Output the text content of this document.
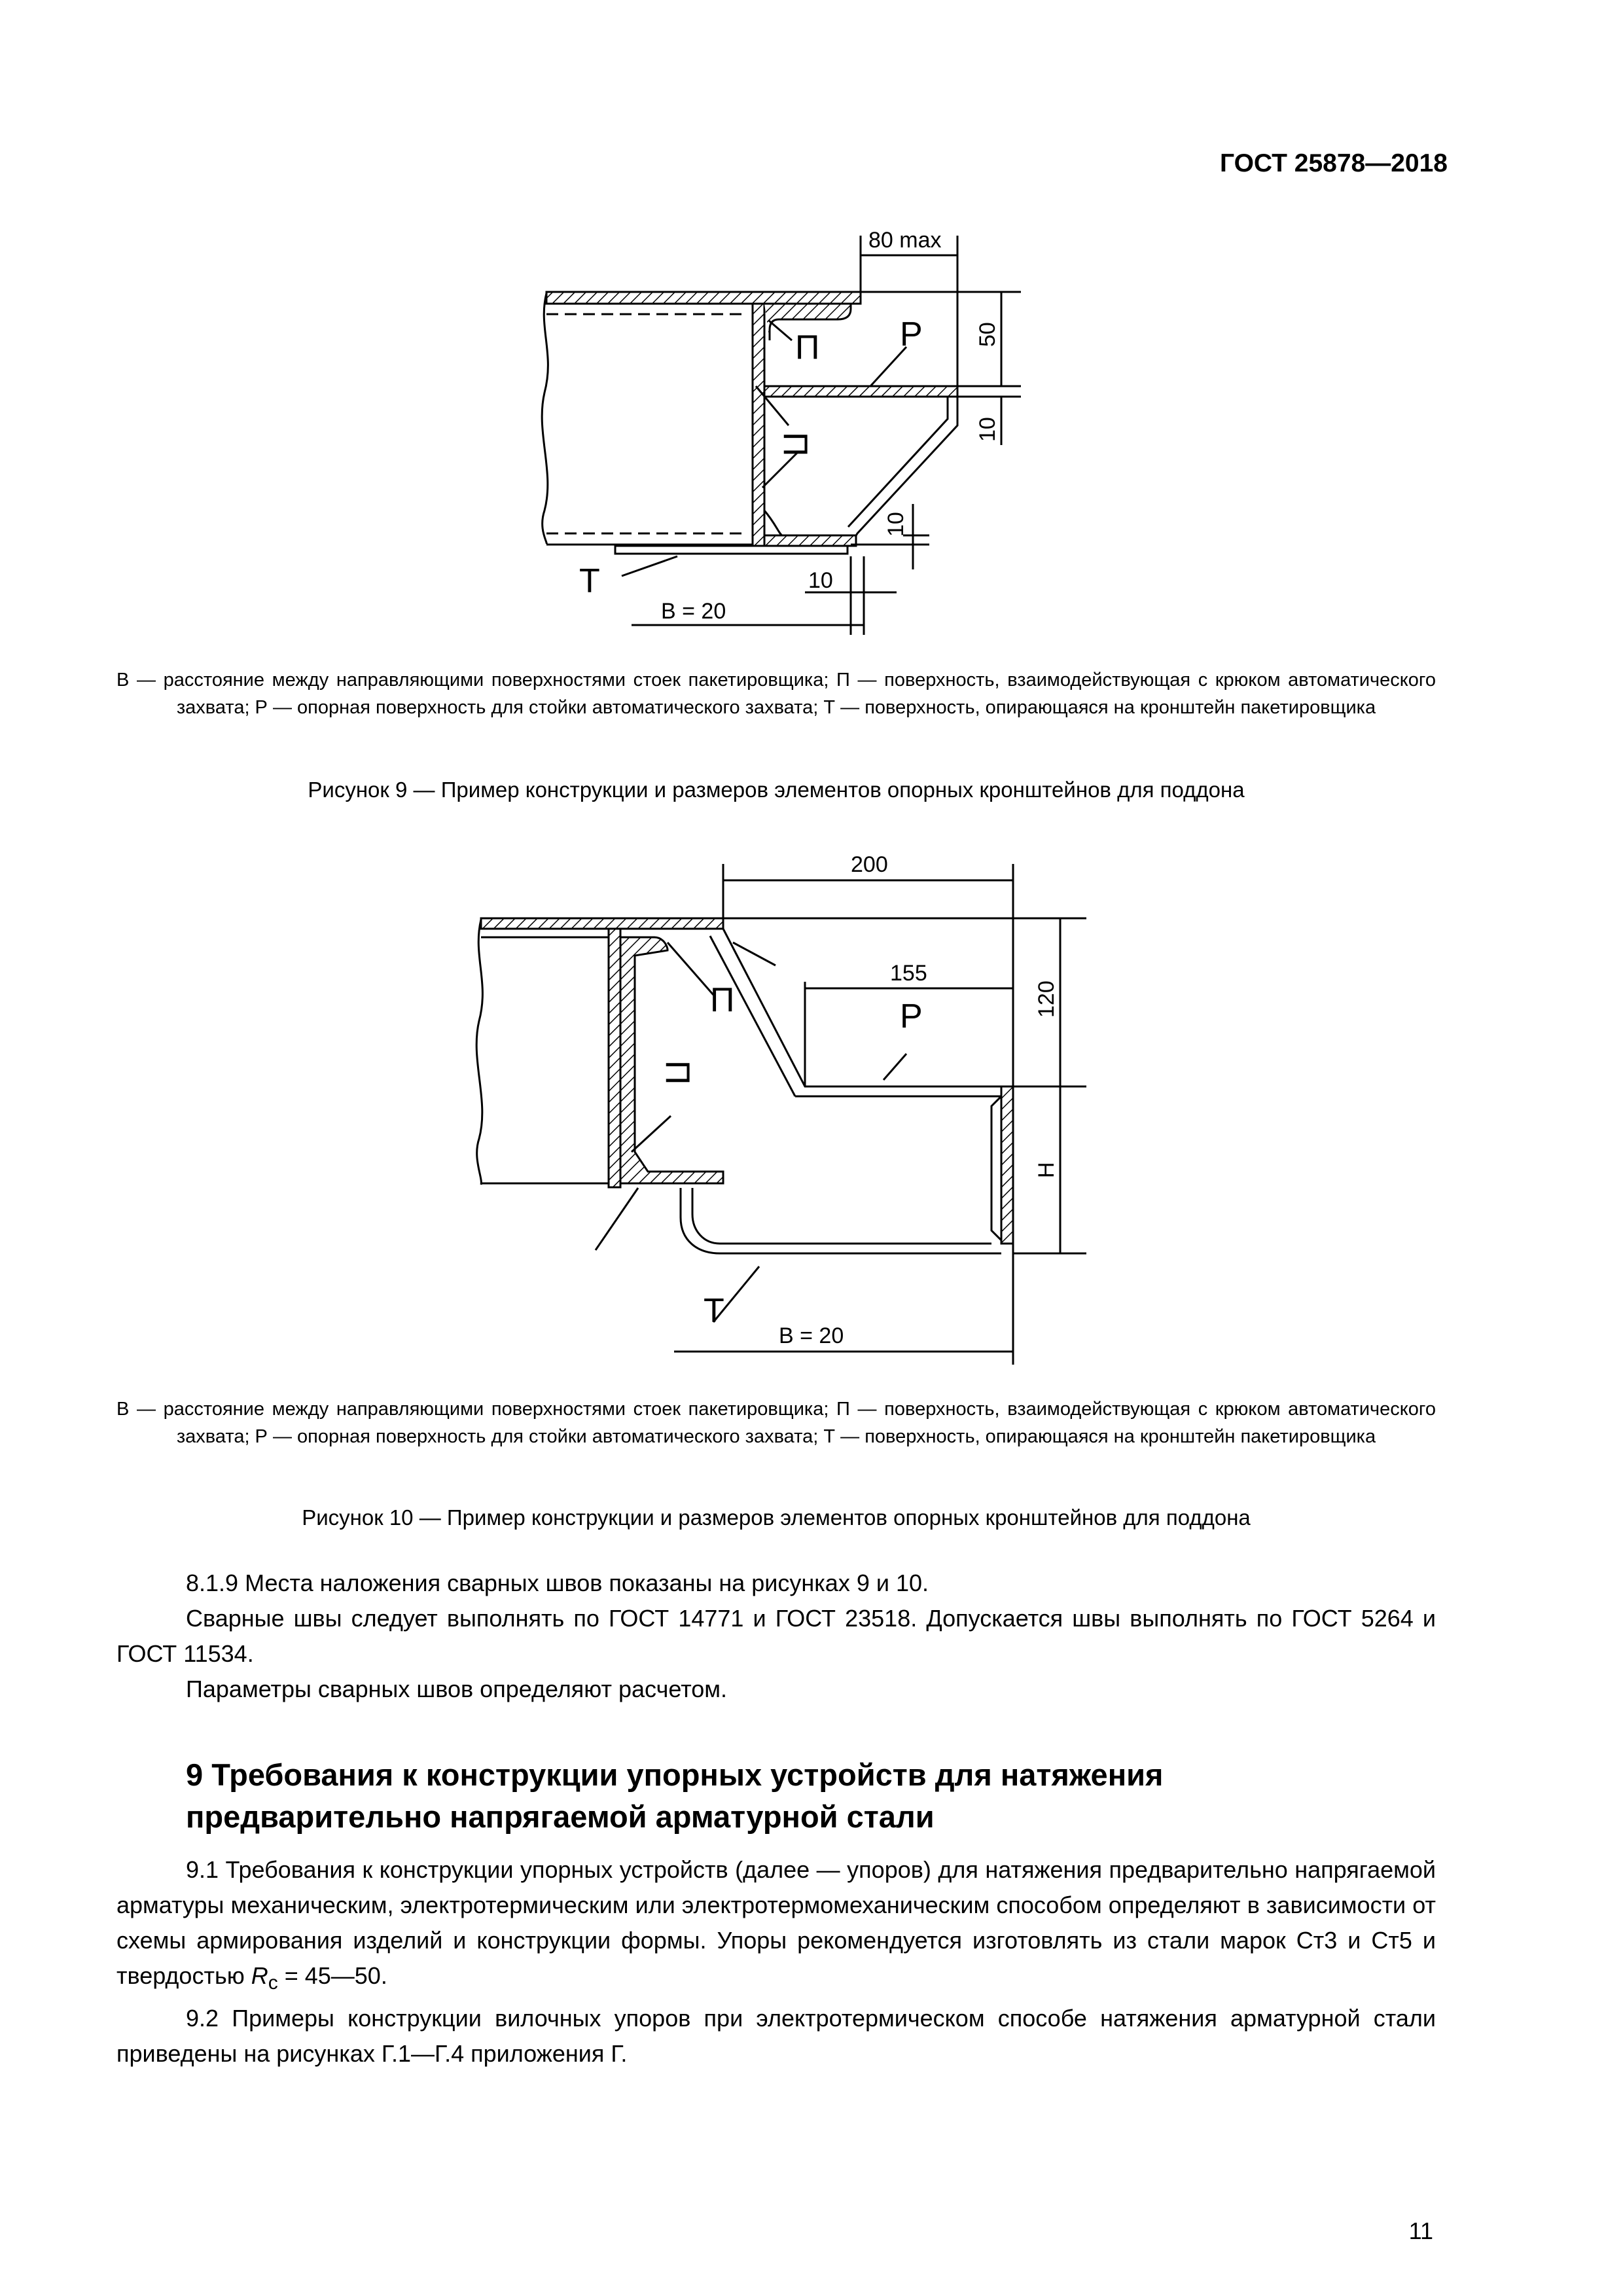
ГОСТ 25878—2018
80 max
50
10
10
10
B = 20
П Р
П
Т
В — расстояние между направляющими поверхностями стоек пакетировщика; П — поверхность, взаимодействующая с крюком автоматического захвата; Р — опорная поверхность для стойки автоматического захвата; Т — поверхность, опирающаяся на кронштейн пакетировщика
Рисунок 9 — Пример конструкции и размеров элементов опорных кронштейнов для поддона
200
155
120
H
B = 20
П	Р
П
Т
В — расстояние между направляющими поверхностями стоек пакетировщика; П — поверхность, взаимодействующая с крюком автоматического захвата; Р — опорная поверхность для стойки автоматического захвата; Т — поверхность, опирающаяся на кронштейн пакетировщика
Рисунок 10 — Пример конструкции и размеров элементов опорных кронштейнов для поддона

8.1.9 Места наложения сварных швов показаны на рисунках 9 и 10.

Сварные швы следует выполнять по ГОСТ 14771 и ГОСТ 23518. Допускается швы выполнять по ГОСТ 5264 и ГОСТ 11534.

Параметры сварных швов определяют расчетом.

9 Требования к конструкции упорных устройств для натяжения
предварительно напрягаемой арматурной стали

9.1 Требования к конструкции упорных устройств (далее — упоров) для натяжения предварительно напрягаемой арматуры механическим, электротермическим или электротермомеханическим способом определяют в зависимости от схемы армирования изделий и конструкции формы. Упоры рекомендуется изготовлять из стали марок Ст3 и Ст5 и твердостью $R_c$ = 45—50.

9.2 Примеры конструкции вилочных упоров при электротермическом способе натяжения арматурной стали приведены на рисунках Г.1—Г.4 приложения Г.

11
